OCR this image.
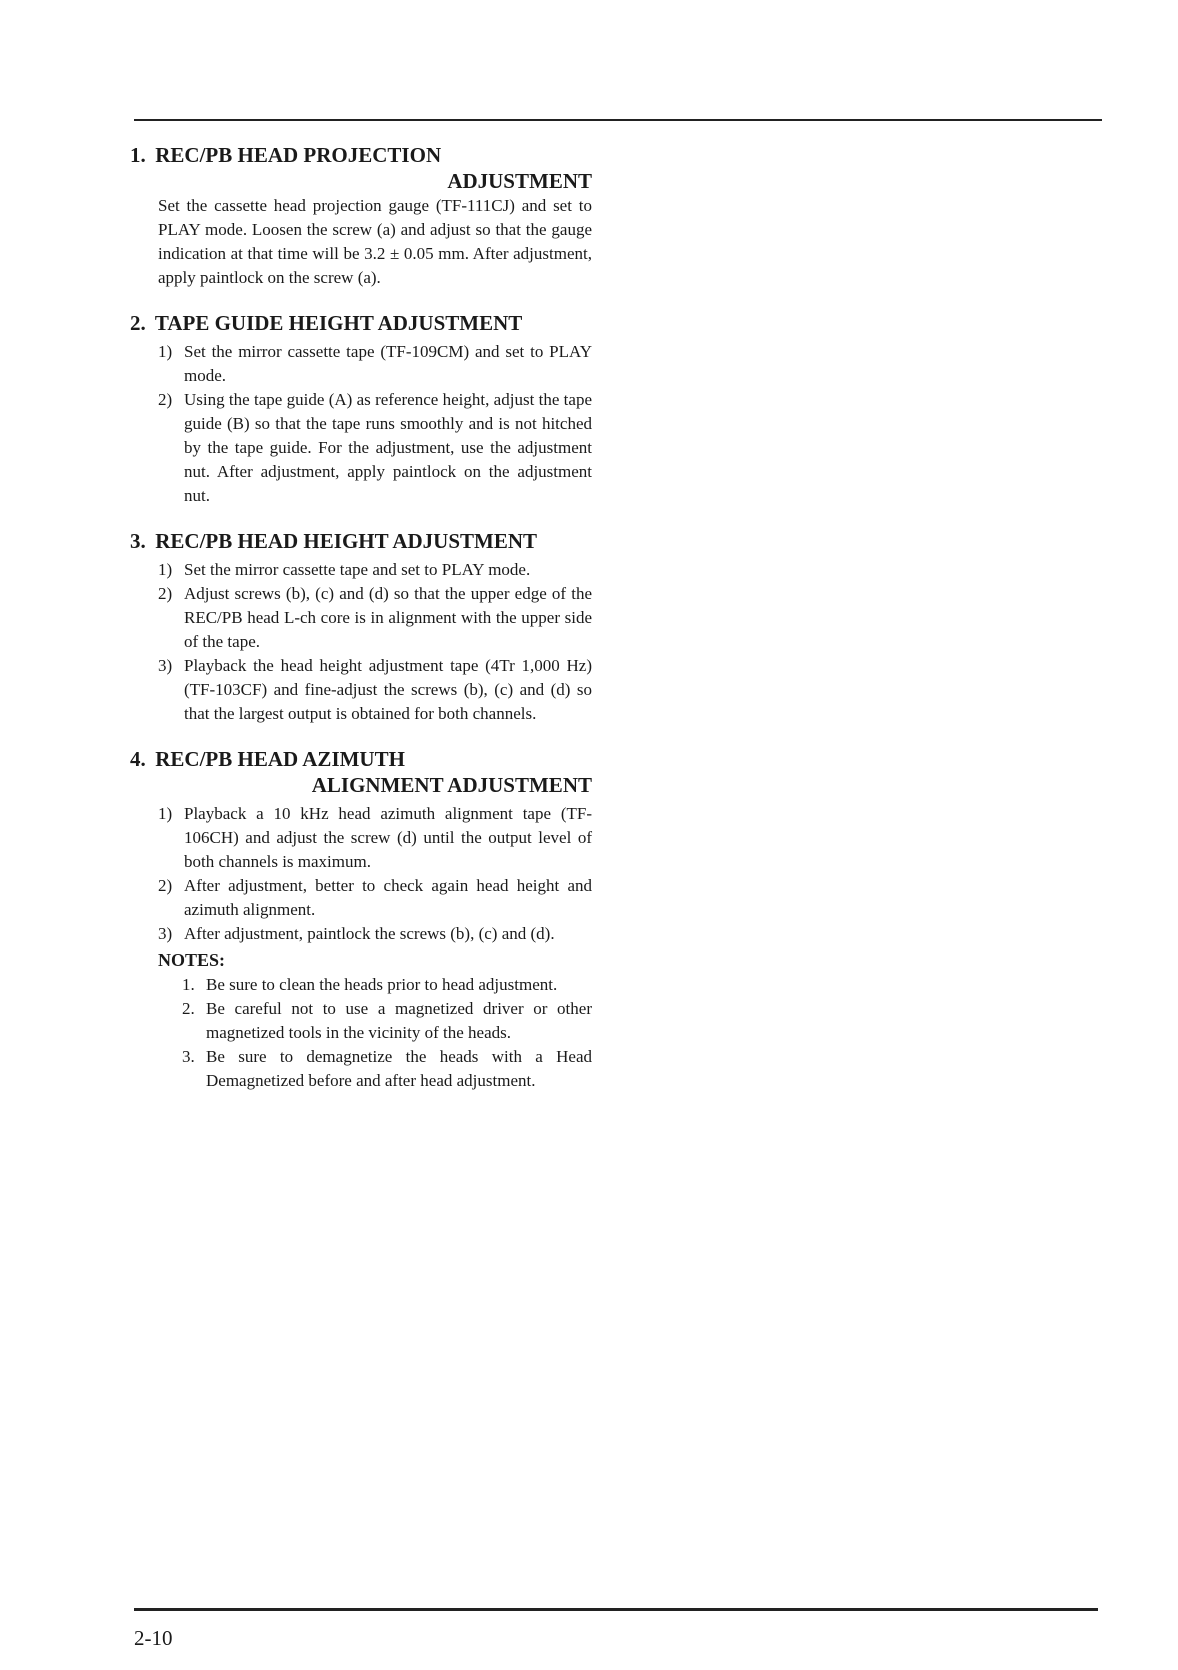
1. REC/PB HEAD PROJECTION
ADJUSTMENT

Set the cassette head projection gauge (TF-111CJ) and set to PLAY mode. Loosen the screw (a) and adjust so that the gauge indication at that time will be 3.2 ± 0.05 mm. After adjustment, apply paintlock on the screw (a).

2. TAPE GUIDE HEIGHT ADJUSTMENT
1) Set the mirror cassette tape (TF-109CM) and set to PLAY mode.
2) Using the tape guide (A) as reference height, adjust the tape guide (B) so that the tape runs smoothly and is not hitched by the tape guide. For the adjustment, use the adjustment nut. After adjustment, apply paintlock on the adjustment nut.
3. REC/PB HEAD HEIGHT ADJUSTMENT
1) Set the mirror cassette tape and set to PLAY mode.
2) Adjust screws (b), (c) and (d) so that the upper edge of the REC/PB head L-ch core is in alignment with the upper side of the tape.
3) Playback the head height adjustment tape (4Tr 1,000 Hz) (TF-103CF) and fine-adjust the screws (b), (c) and (d) so that the largest output is obtained for both channels.
4. REC/PB HEAD AZIMUTH
ALIGNMENT ADJUSTMENT
1) Playback a 10 kHz head azimuth alignment tape (TF-106CH) and adjust the screw (d) until the output level of both channels is maximum.
2) After adjustment, better to check again head height and azimuth alignment.
3) After adjustment, paintlock the screws (b), (c) and (d).
NOTES:
1. Be sure to clean the heads prior to head adjustment.
2. Be careful not to use a magnetized driver or other magnetized tools in the vicinity of the heads.
3. Be sure to demagnetize the heads with a Head Demagnetized before and after head adjustment.

2-10
